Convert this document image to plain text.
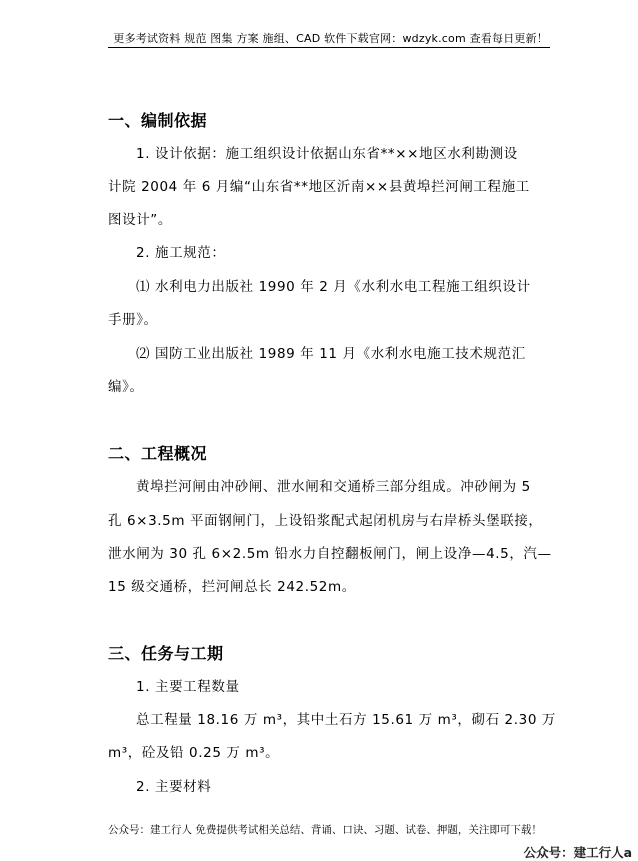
更多考试资料 规范 图集 方案 施组、CAD 软件下载官网：wdzyk.com 查看每日更新！
一、编制依据
1. 设计依据：施工组织设计依据山东省**××地区水利勘测设
计院 2004 年 6 月编“山东省**地区沂南××县黄埠拦河闸工程施工
图设计”。
2. 施工规范：
⑴ 水利电力出版社 1990 年 2 月《水利水电工程施工组织设计
手册》。
⑵ 国防工业出版社 1989 年 11 月《水利水电施工技术规范汇
编》。
二、工程概况
黄埠拦河闸由冲砂闸、泄水闸和交通桥三部分组成。冲砂闸为 5
孔 6×3.5m 平面钢闸门，上设铅浆配式起闭机房与右岸桥头堡联接，
泄水闸为 30 孔 6×2.5m 铅水力自控翻板闸门，闸上设净—4.5，汽—
15 级交通桥，拦河闸总长 242.52m。
三、任务与工期
1. 主要工程数量
总工程量 18.16 万 m³，其中土石方 15.61 万 m³，砌石 2.30 万
m³，砼及铅 0.25 万 m³。
2. 主要材料
公众号：建工行人 免费提供考试相关总结、背诵、口诀、习题、试卷、押题，关注即可下载！
公众号：建工行人a
